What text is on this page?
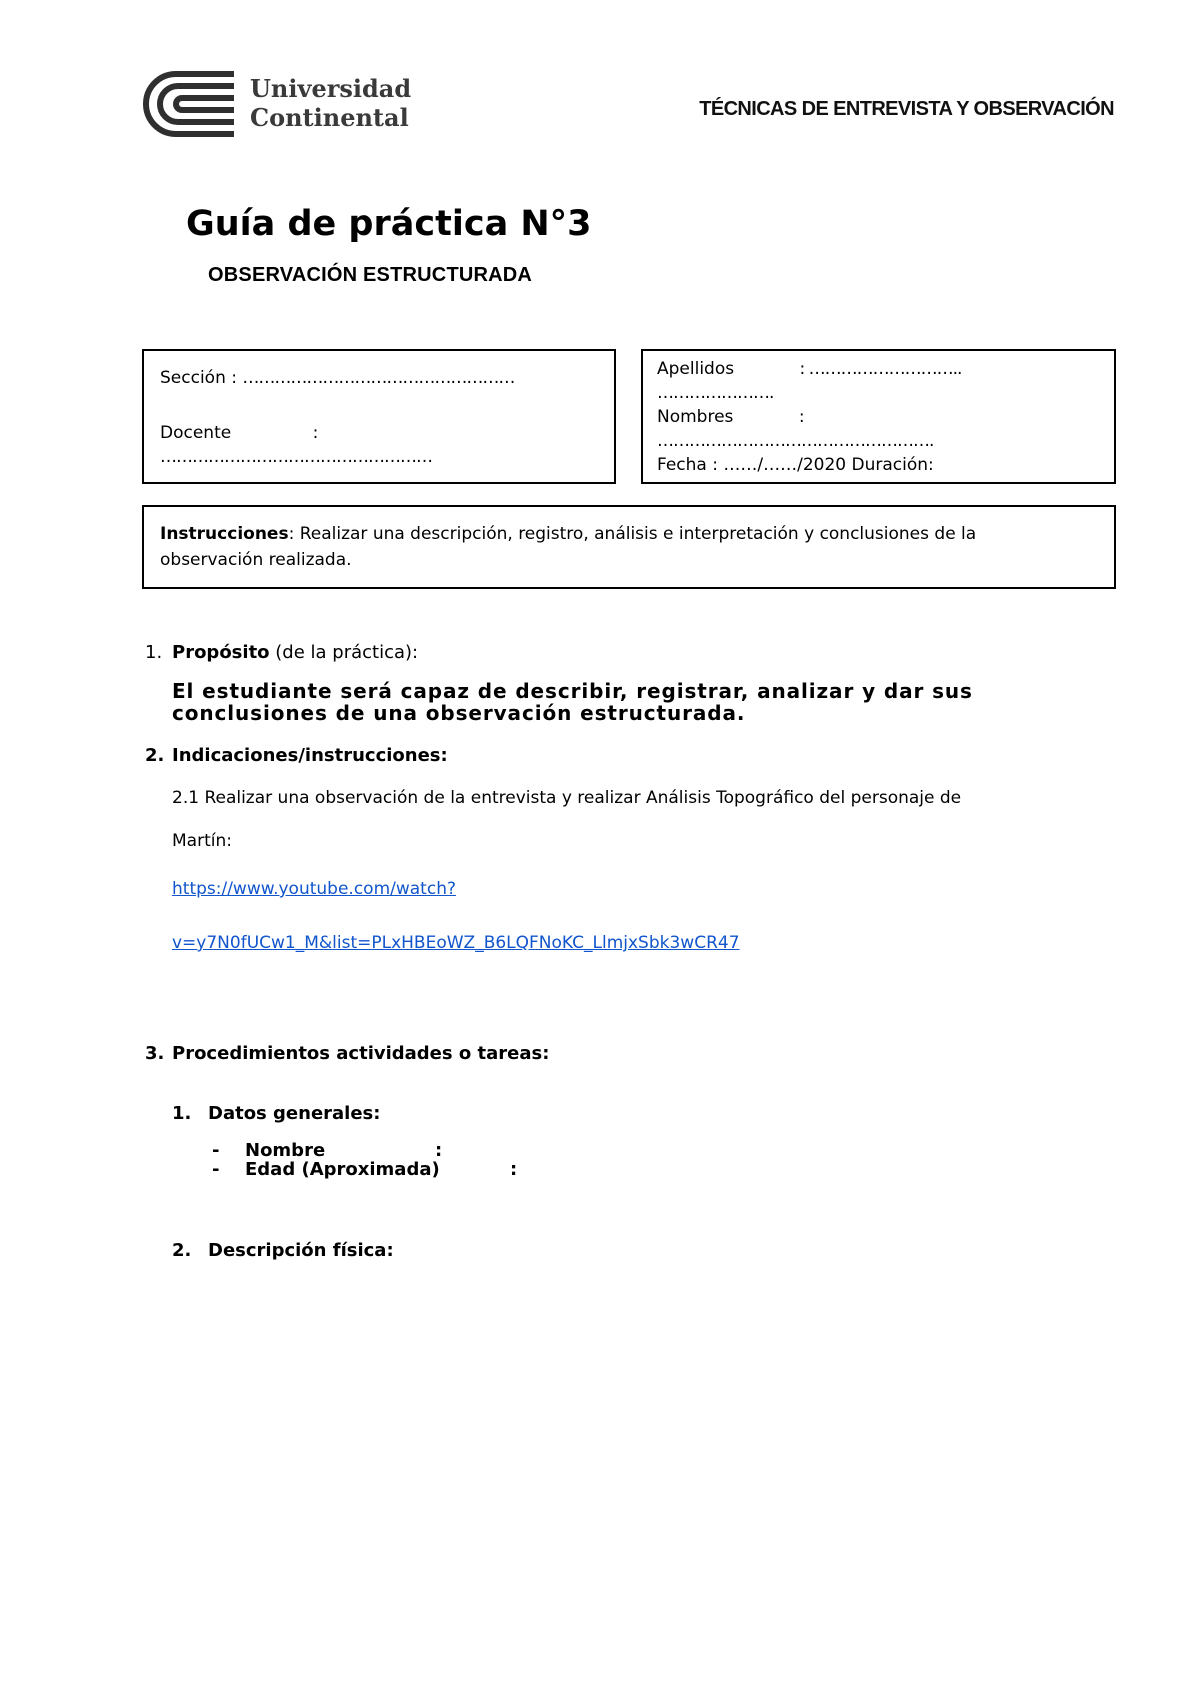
Universidad
Continental	TÉCNICAS DE ENTREVISTA Y OBSERVACIÓN
Guía de práctica N°3
OBSERVACIÓN ESTRUCTURADA
Sección : ……………………………………………
Docente	:
……………………………………………
Apellidos	: ………………………..
………………….
Nombres	:
…………………………………………….
Fecha : ……/……/2020 Duración:
Instrucciones: Realizar una descripción, registro, análisis e interpretación y conclusiones de la
observación realizada.
1. Propósito (de la práctica):
El estudiante será capaz de describir, registrar, analizar y dar sus
conclusiones de una observación estructurada.
2. Indicaciones/instrucciones:
2.1 Realizar una observación de la entrevista y realizar Análisis Topográfico del personaje de
Martín:
https://www.youtube.com/watch?
v=y7N0fUCw1_M&list=PLxHBEoWZ_B6LQFNoKC_LlmjxSbk3wCR47
3. Procedimientos actividades o tareas:
1. Datos generales:
- Nombre	:
- Edad (Aproximada)	:
2. Descripción física:
